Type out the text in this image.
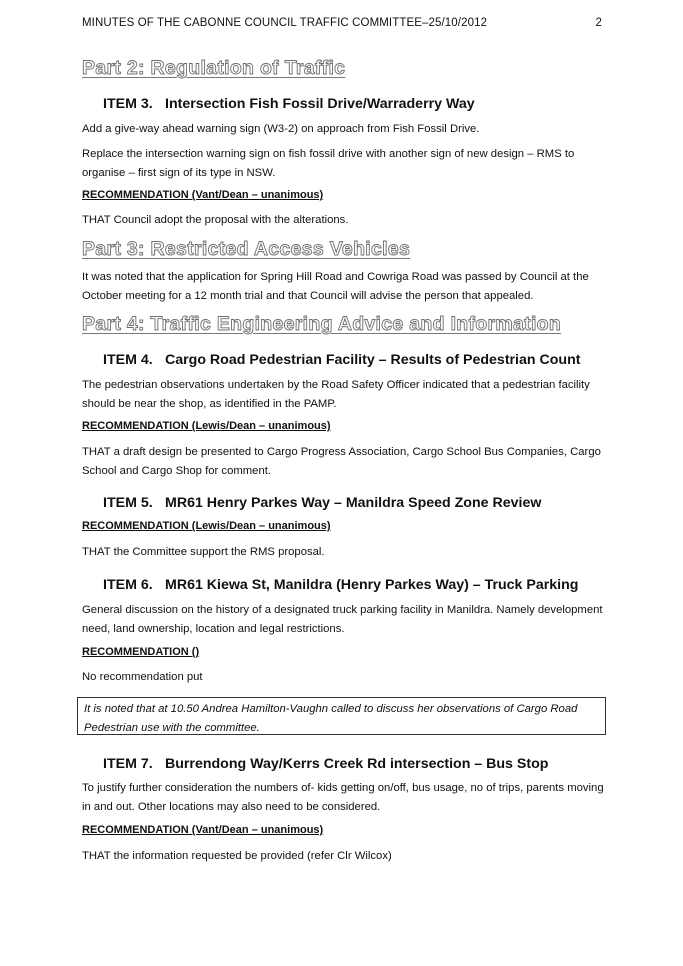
MINUTES OF THE CABONNE COUNCIL TRAFFIC COMMITTEE–25/10/2012	2
Part 2: Regulation of Traffic
ITEM 3. Intersection Fish Fossil Drive/Warraderry Way
Add a give-way ahead warning sign (W3-2) on approach from Fish Fossil Drive.
Replace the intersection warning sign on fish fossil drive with another sign of new design – RMS to organise – first sign of its type in NSW.
RECOMMENDATION (Vant/Dean – unanimous)
THAT Council adopt the proposal with the alterations.
Part 3: Restricted Access Vehicles
It was noted that the application for Spring Hill Road and Cowriga Road was passed by Council at the October meeting for a 12 month trial and that Council will advise the person that appealed.
Part 4: Traffic Engineering Advice and Information
ITEM 4. Cargo Road Pedestrian Facility – Results of Pedestrian Count
The pedestrian observations undertaken by the Road Safety Officer indicated that a pedestrian facility should be near the shop, as identified in the PAMP.
RECOMMENDATION (Lewis/Dean – unanimous)
THAT a draft design be presented to Cargo Progress Association, Cargo School Bus Companies, Cargo School and Cargo Shop for comment.
ITEM 5. MR61 Henry Parkes Way – Manildra Speed Zone Review
RECOMMENDATION (Lewis/Dean – unanimous)
THAT the Committee support the RMS proposal.
ITEM 6. MR61 Kiewa St, Manildra (Henry Parkes Way) – Truck Parking
General discussion on the history of a designated truck parking facility in Manildra. Namely development need, land ownership, location and legal restrictions.
RECOMMENDATION ()
No recommendation put
It is noted that at 10.50 Andrea Hamilton-Vaughn called to discuss her observations of Cargo Road Pedestrian use with the committee.
ITEM 7. Burrendong Way/Kerrs Creek Rd intersection – Bus Stop
To justify further consideration the numbers of- kids getting on/off, bus usage, no of trips, parents moving in and out. Other locations may also need to be considered.
RECOMMENDATION (Vant/Dean – unanimous)
THAT the information requested be provided (refer Clr Wilcox)
